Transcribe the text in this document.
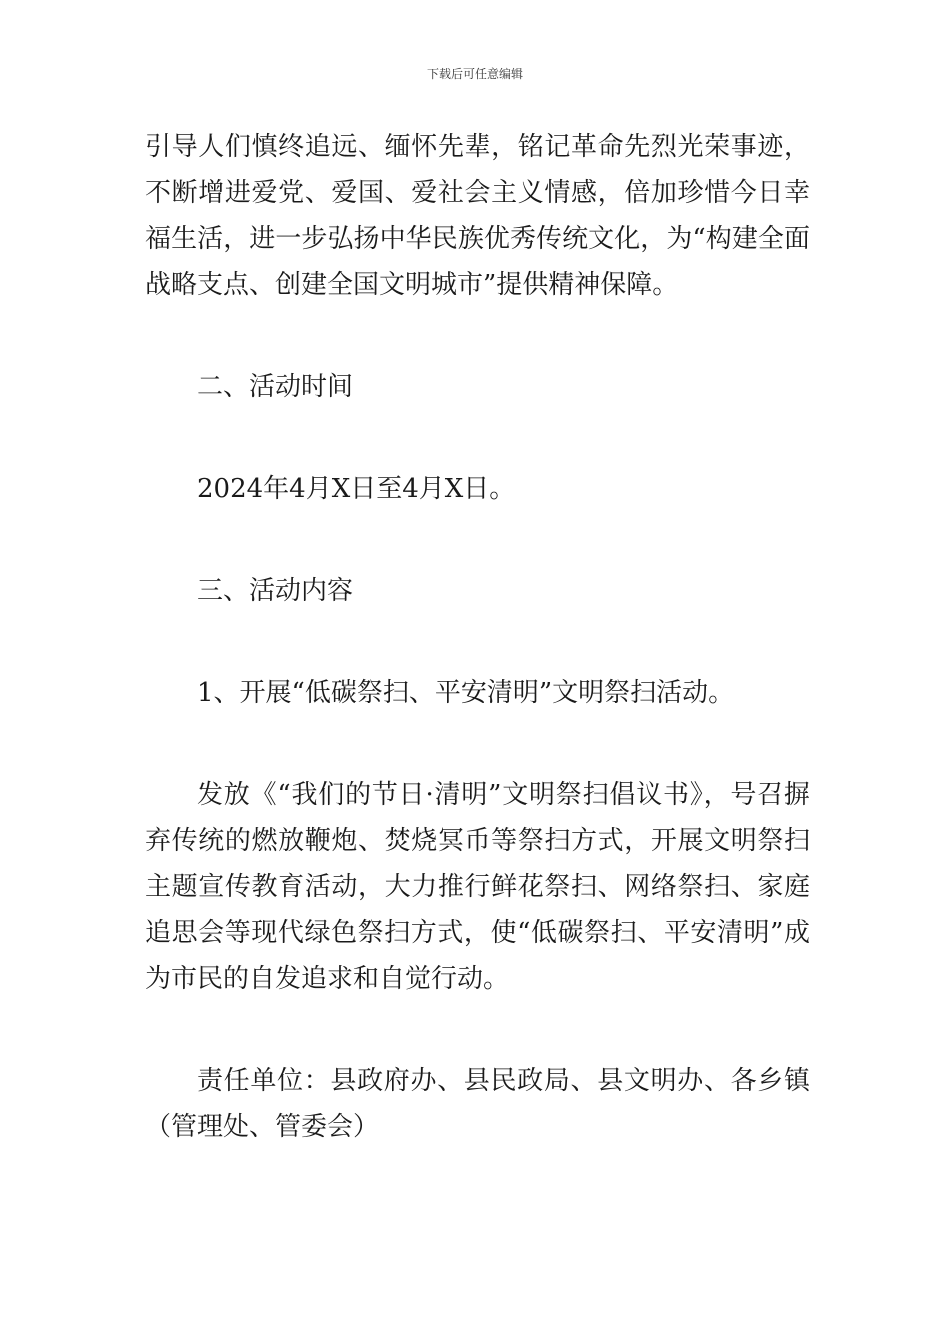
下载后可任意编辑

引导人们慎终追远、缅怀先辈，铭记革命先烈光荣事迹，不断增进爱党、爱国、爱社会主义情感，倍加珍惜今日幸福生活，进一步弘扬中华民族优秀传统文化，为“构建全面战略支点、创建全国文明城市”提供精神保障。

二、活动时间

2024年4月X日至4月X日。

三、活动内容

1、开展“低碳祭扫、平安清明”文明祭扫活动。

发放《“我们的节日·清明”文明祭扫倡议书》，号召摒弃传统的燃放鞭炮、焚烧冥币等祭扫方式，开展文明祭扫主题宣传教育活动，大力推行鲜花祭扫、网络祭扫、家庭追思会等现代绿色祭扫方式，使“低碳祭扫、平安清明”成为市民的自发追求和自觉行动。

责任单位：县政府办、县民政局、县文明办、各乡镇（管理处、管委会）
